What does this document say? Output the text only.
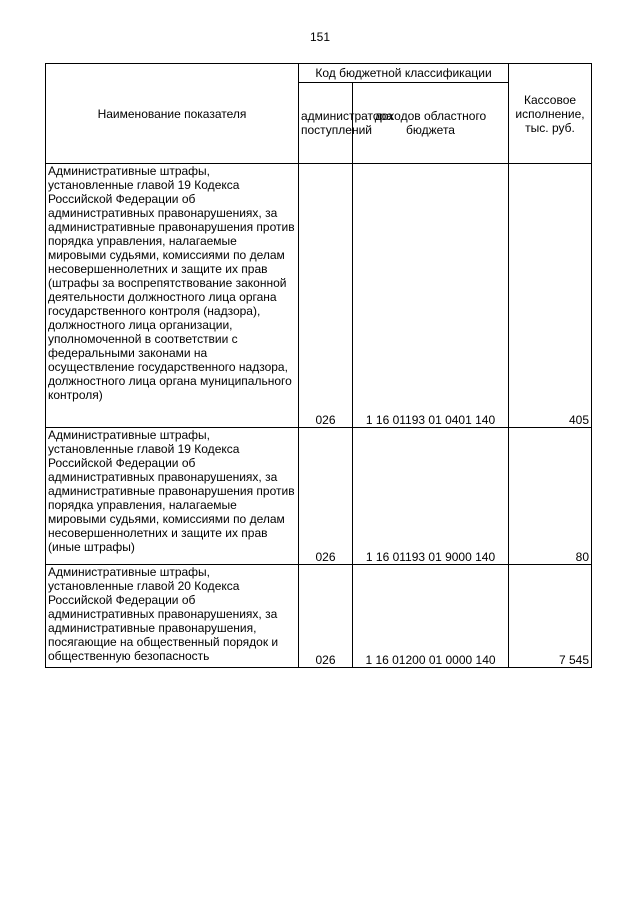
151
Наименование показателя	Код бюджетной классификации		Кассовое исполнение, тыс. руб.
	администратора поступлений	доходов областного бюджета	
Административные штрафы, установленные главой 19 Кодекса Российской Федерации об административных правонарушениях, за административные правонарушения против порядка управления, налагаемые мировыми судьями, комиссиями по делам несовершеннолетних и защите их прав (штрафы за воспрепятствование законной деятельности должностного лица органа государственного контроля (надзора), должностного лица организации, уполномоченной в соответствии с федеральными законами на осуществление государственного надзора, должностного лица органа муниципального контроля)	026	1 16 01193 01 0401 140	405
Административные штрафы, установленные главой 19 Кодекса Российской Федерации об административных правонарушениях, за административные правонарушения против порядка управления, налагаемые мировыми судьями, комиссиями по делам несовершеннолетних и защите их прав (иные штрафы)	026	1 16 01193 01 9000 140	80
Административные штрафы, установленные главой 20 Кодекса Российской Федерации об административных правонарушениях, за административные правонарушения, посягающие на общественный порядок и общественную безопасность	026	1 16 01200 01 0000 140	7 545
